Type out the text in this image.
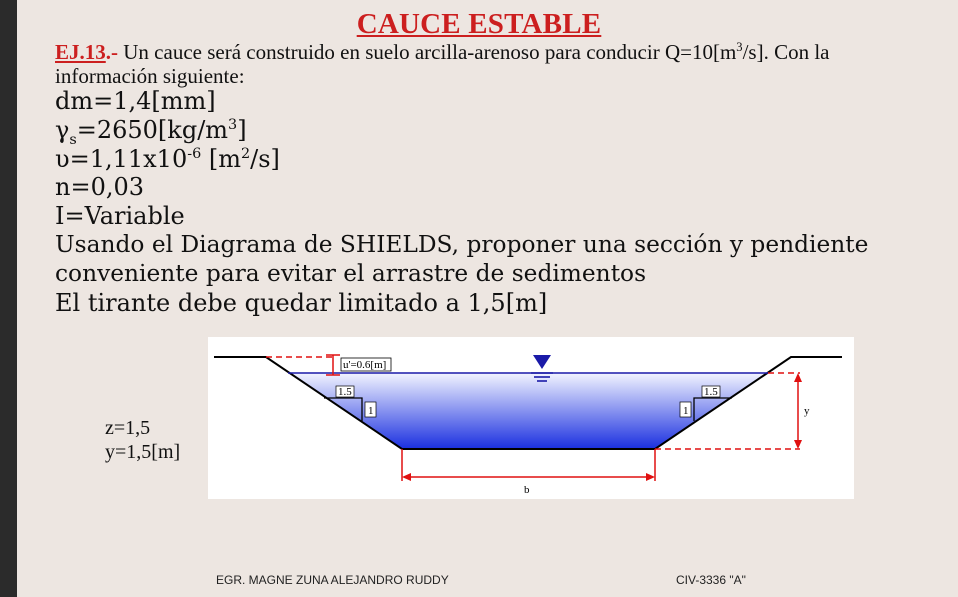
CAUCE ESTABLE
EJ.13.- Un cauce será construido en suelo arcilla-arenoso para conducir $Q=10[m^3/s]$. Con la información siguiente:
dm=1,4[mm]
$\gamma_s=2650[kg/m^3]$
$\upsilon=1,11x10^{-6}$ $[m^2/s]$
n=0,03
I=Variable
Usando el Diagrama de SHIELDS, proponer una sección y pendiente conveniente para evitar el arrastre de sedimentos
El tirante debe quedar limitado a 1,5[m]
z=1,5
y=1,5[m]
u'=0.6[m]
1.5
1
1.5
1	y
b
EGR. MAGNE ZUNA ALEJANDRO RUDDY	CIV-3336 "A"
